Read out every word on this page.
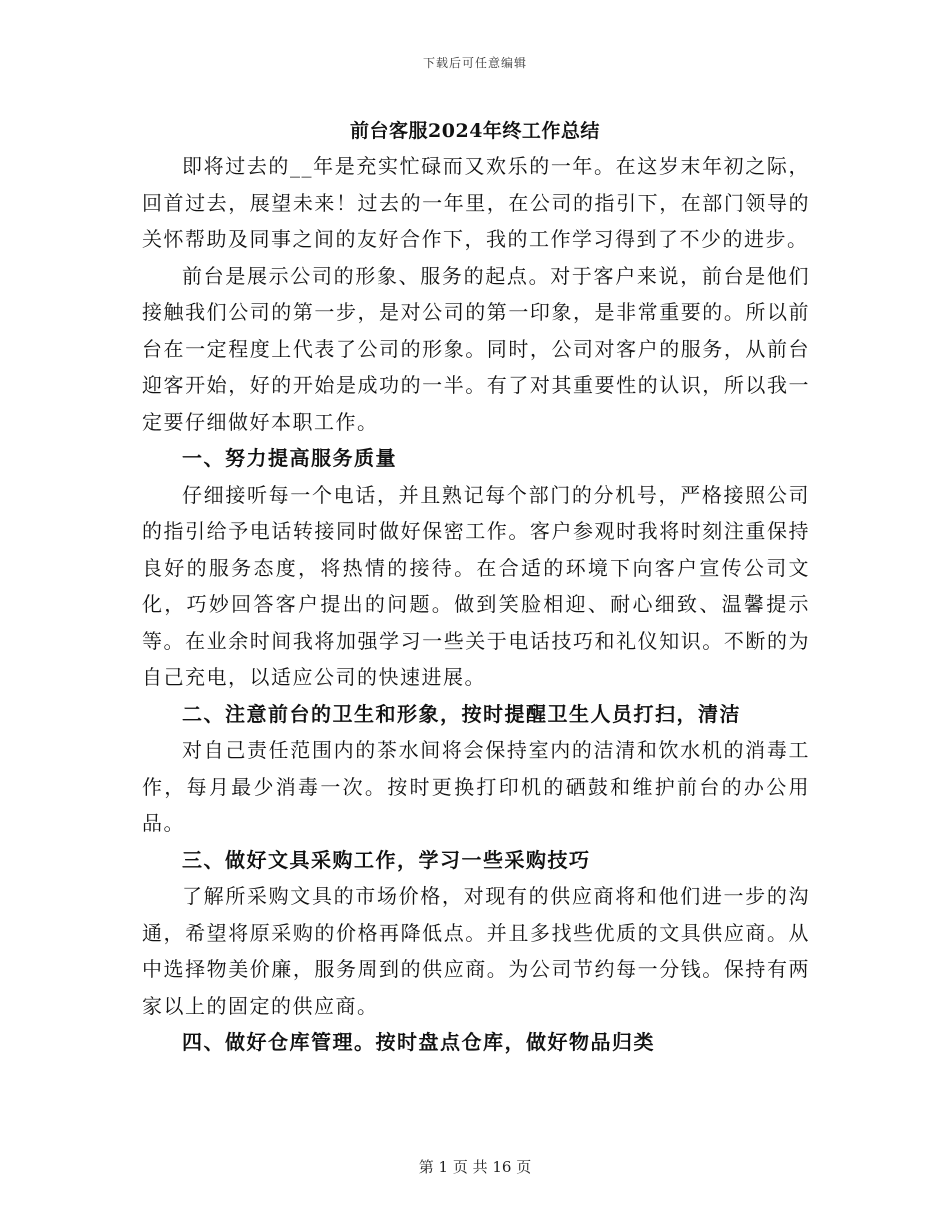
下载后可任意编辑
前台客服2024年终工作总结

即将过去的__年是充实忙碌而又欢乐的一年。在这岁末年初之际，回首过去，展望未来！过去的一年里，在公司的指引下，在部门领导的关怀帮助及同事之间的友好合作下，我的工作学习得到了不少的进步。

前台是展示公司的形象、服务的起点。对于客户来说，前台是他们接触我们公司的第一步，是对公司的第一印象，是非常重要的。所以前台在一定程度上代表了公司的形象。同时，公司对客户的服务，从前台迎客开始，好的开始是成功的一半。有了对其重要性的认识，所以我一定要仔细做好本职工作。

一、努力提高服务质量

仔细接听每一个电话，并且熟记每个部门的分机号，严格接照公司的指引给予电话转接同时做好保密工作。客户参观时我将时刻注重保持良好的服务态度，将热情的接待。在合适的环境下向客户宣传公司文化，巧妙回答客户提出的问题。做到笑脸相迎、耐心细致、温馨提示等。在业余时间我将加强学习一些关于电话技巧和礼仪知识。不断的为自己充电，以适应公司的快速进展。

二、注意前台的卫生和形象，按时提醒卫生人员打扫，清洁

对自己责任范围内的茶水间将会保持室内的洁清和饮水机的消毒工作，每月最少消毒一次。按时更换打印机的硒鼓和维护前台的办公用品。

三、做好文具采购工作，学习一些采购技巧

了解所采购文具的市场价格，对现有的供应商将和他们进一步的沟通，希望将原采购的价格再降低点。并且多找些优质的文具供应商。从中选择物美价廉，服务周到的供应商。为公司节约每一分钱。保持有两家以上的固定的供应商。

四、做好仓库管理。按时盘点仓库，做好物品归类
第 1 页 共 16 页
